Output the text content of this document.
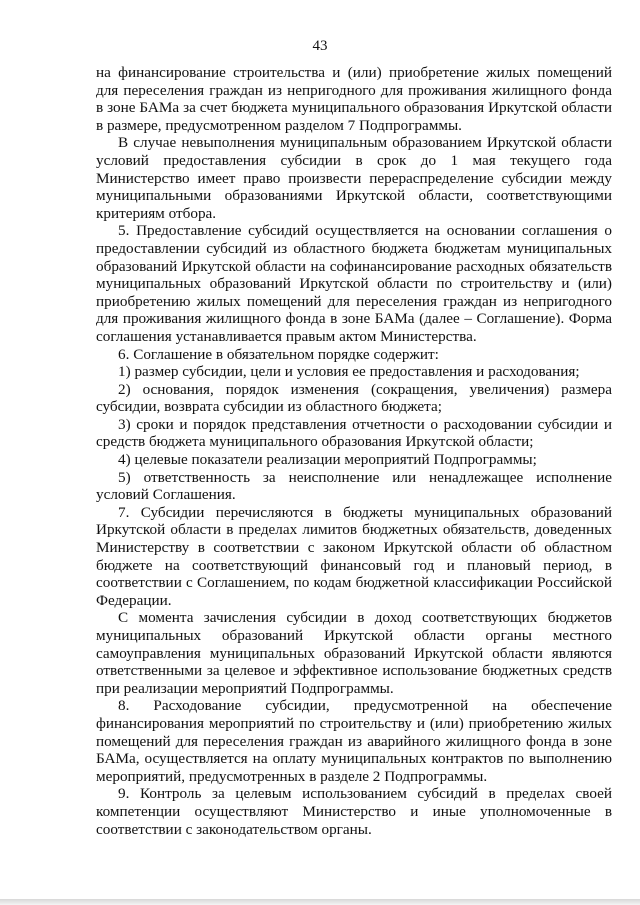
43

на финансирование строительства и (или) приобретение жилых помещений для переселения граждан из непригодного для проживания жилищного фонда в зоне БАМа за счет бюджета муниципального образования Иркутской области в размере, предусмотренном разделом 7 Подпрограммы.

В случае невыполнения муниципальным образованием Иркутской области условий предоставления субсидии в срок до 1 мая текущего года Министерство имеет право произвести перераспределение субсидии между муниципальными образованиями Иркутской области, соответствующими критериям отбора.

5. Предоставление субсидий осуществляется на основании соглашения о предоставлении субсидий из областного бюджета бюджетам муниципальных образований Иркутской области на софинансирование расходных обязательств муниципальных образований Иркутской области по строительству и (или) приобретению жилых помещений для переселения граждан из непригодного для проживания жилищного фонда в зоне БАМа (далее – Соглашение). Форма соглашения устанавливается правым актом Министерства.

6. Соглашение в обязательном порядке содержит:

1) размер субсидии, цели и условия ее предоставления и расходования;

2) основания, порядок изменения (сокращения, увеличения) размера субсидии, возврата субсидии из областного бюджета;

3) сроки и порядок представления отчетности о расходовании субсидии и средств бюджета муниципального образования Иркутской области;

4) целевые показатели реализации мероприятий Подпрограммы;

5) ответственность за неисполнение или ненадлежащее исполнение условий Соглашения.

7. Субсидии перечисляются в бюджеты муниципальных образований Иркутской области в пределах лимитов бюджетных обязательств, доведенных Министерству в соответствии с законом Иркутской области об областном бюджете на соответствующий финансовый год и плановый период, в соответствии с Соглашением, по кодам бюджетной классификации Российской Федерации.

С момента зачисления субсидии в доход соответствующих бюджетов муниципальных образований Иркутской области органы местного самоуправления муниципальных образований Иркутской области являются ответственными за целевое и эффективное использование бюджетных средств при реализации мероприятий Подпрограммы.

8. Расходование субсидии, предусмотренной на обеспечение финансирования мероприятий по строительству и (или) приобретению жилых помещений для переселения граждан из аварийного жилищного фонда в зоне БАМа, осуществляется на оплату муниципальных контрактов по выполнению мероприятий, предусмотренных в разделе 2 Подпрограммы.

9. Контроль за целевым использованием субсидий в пределах своей компетенции осуществляют Министерство и иные уполномоченные в соответствии с законодательством органы.
